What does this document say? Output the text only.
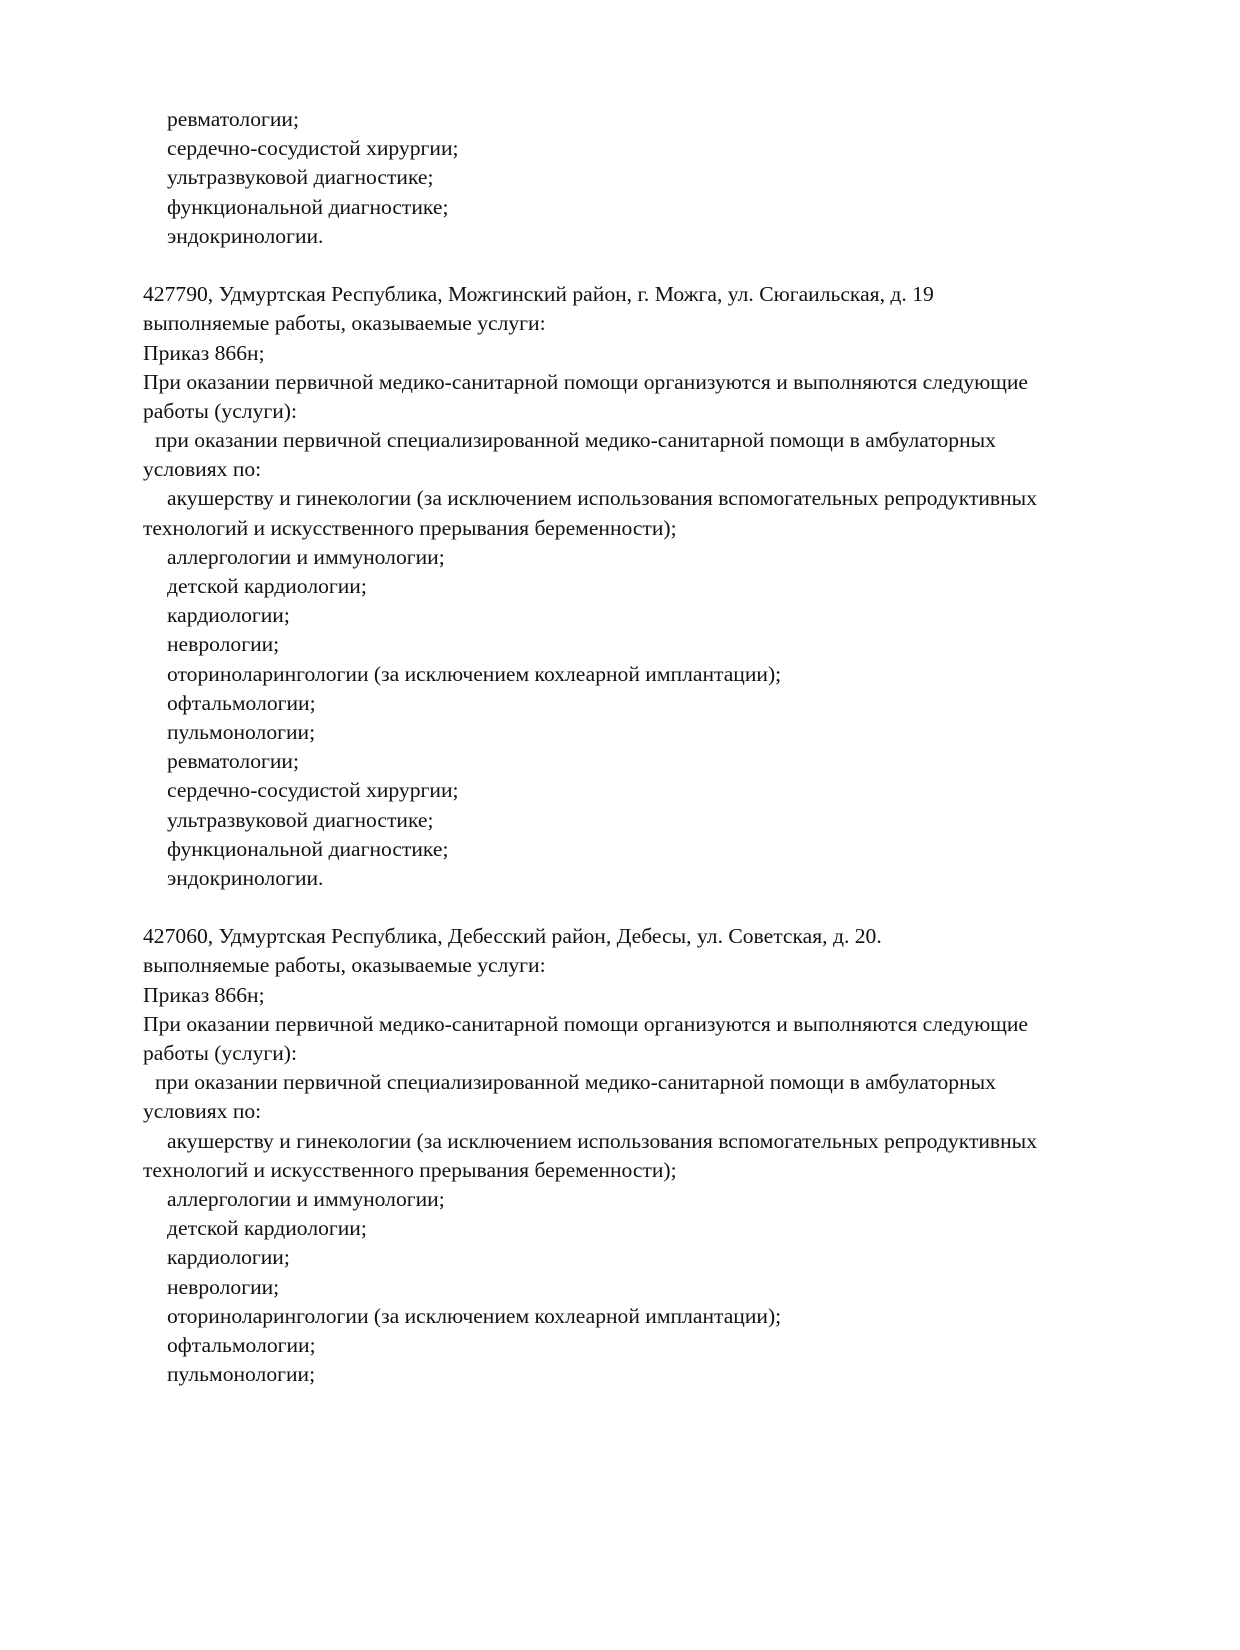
ревматологии;

сердечно-сосудистой хирургии;

ультразвуковой диагностике;

функциональной диагностике;

эндокринологии.

427790, Удмуртская Республика, Можгинский район, г. Можга, ул. Сюгаильская, д. 19

выполняемые работы, оказываемые услуги:

Приказ 866н;

При оказании первичной медико-санитарной помощи организуются и выполняются следующие

работы (услуги):

при оказании первичной специализированной медико-санитарной помощи в амбулаторных

условиях по:

акушерству и гинекологии (за исключением использования вспомогательных репродуктивных

технологий и искусственного прерывания беременности);

аллергологии и иммунологии;

детской кардиологии;

кардиологии;

неврологии;

оториноларингологии (за исключением кохлеарной имплантации);

офтальмологии;

пульмонологии;

ревматологии;

сердечно-сосудистой хирургии;

ультразвуковой диагностике;

функциональной диагностике;

эндокринологии.

427060, Удмуртская Республика, Дебесский район, Дебесы, ул. Советская, д. 20.

выполняемые работы, оказываемые услуги:

Приказ 866н;

При оказании первичной медико-санитарной помощи организуются и выполняются следующие

работы (услуги):

при оказании первичной специализированной медико-санитарной помощи в амбулаторных

условиях по:

акушерству и гинекологии (за исключением использования вспомогательных репродуктивных

технологий и искусственного прерывания беременности);

аллергологии и иммунологии;

детской кардиологии;

кардиологии;

неврологии;

оториноларингологии (за исключением кохлеарной имплантации);

офтальмологии;

пульмонологии;
